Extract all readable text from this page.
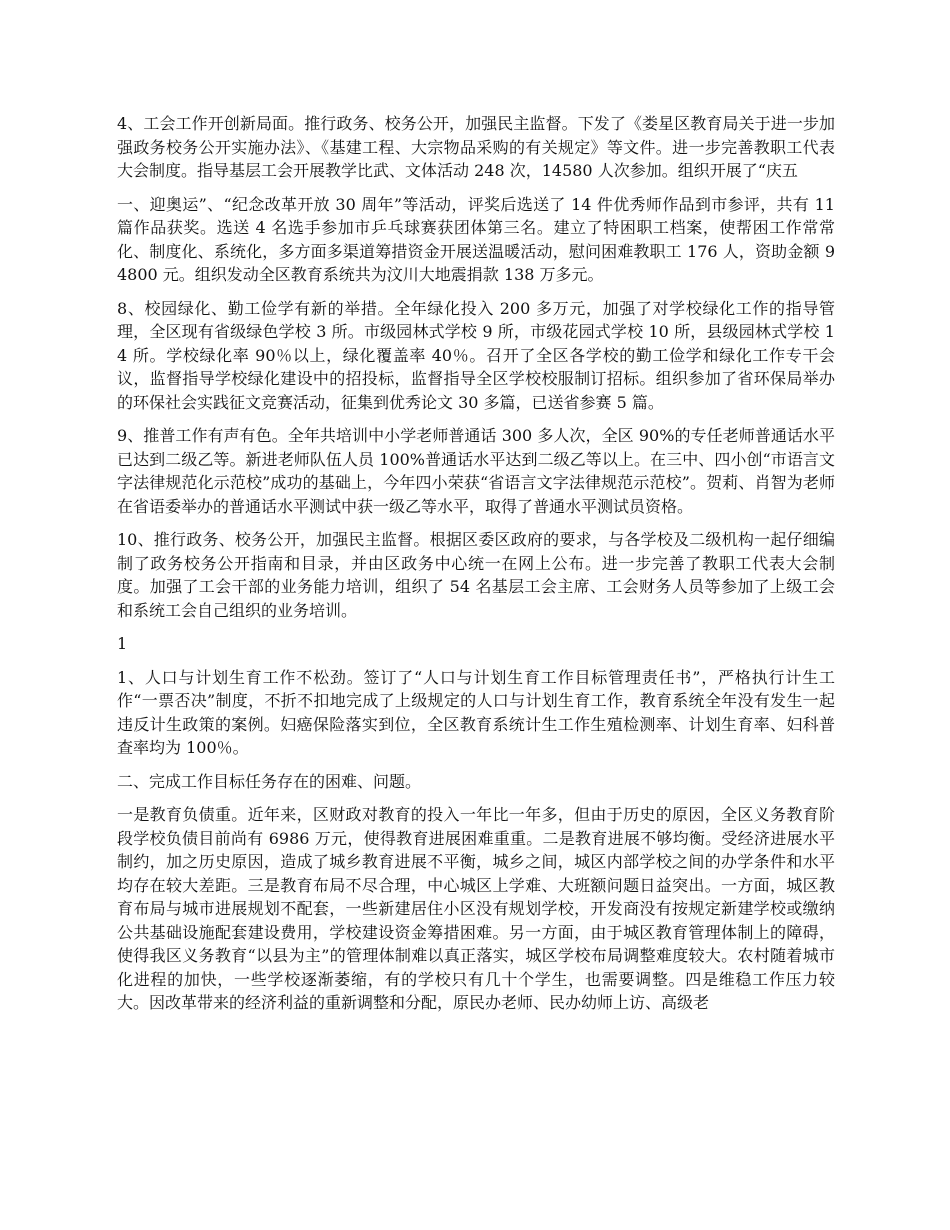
4、工会工作开创新局面。推行政务、校务公开，加强民主监督。下发了《娄星区教育局关于进一步加强政务校务公开实施办法》、《基建工程、大宗物品采购的有关规定》等文件。进一步完善教职工代表大会制度。指导基层工会开展教学比武、文体活动 248 次，14580 人次参加。组织开展了“庆五

一、迎奥运”、“纪念改革开放 30 周年”等活动，评奖后选送了 14 件优秀师作品到市参评，共有 11 篇作品获奖。选送 4 名选手参加市乒乓球赛获团体第三名。建立了特困职工档案，使帮困工作常常化、制度化、系统化，多方面多渠道筹措资金开展送温暖活动，慰问困难教职工 176 人，资助金额 94800 元。组织发动全区教育系统共为汶川大地震捐款 138 万多元。

8、校园绿化、勤工俭学有新的举措。全年绿化投入 200 多万元，加强了对学校绿化工作的指导管理，全区现有省级绿色学校 3 所。市级园林式学校 9 所，市级花园式学校 10 所，县级园林式学校 14 所。学校绿化率 90％以上，绿化覆盖率 40％。召开了全区各学校的勤工俭学和绿化工作专干会议，监督指导学校绿化建设中的招投标，监督指导全区学校校服制订招标。组织参加了省环保局举办的环保社会实践征文竞赛活动，征集到优秀论文 30 多篇，已送省参赛 5 篇。

9、推普工作有声有色。全年共培训中小学老师普通话 300 多人次，全区 90%的专任老师普通话水平已达到二级乙等。新进老师队伍人员 100%普通话水平达到二级乙等以上。在三中、四小创“市语言文字法律规范化示范校”成功的基础上，今年四小荣获“省语言文字法律规范示范校”。贺莉、肖智为老师在省语委举办的普通话水平测试中获一级乙等水平，取得了普通水平测试员资格。

10、推行政务、校务公开，加强民主监督。根据区委区政府的要求，与各学校及二级机构一起仔细编制了政务校务公开指南和目录，并由区政务中心统一在网上公布。进一步完善了教职工代表大会制度。加强了工会干部的业务能力培训，组织了 54 名基层工会主席、工会财务人员等参加了上级工会和系统工会自己组织的业务培训。

1

1、人口与计划生育工作不松劲。签订了“人口与计划生育工作目标管理责任书”，严格执行计生工作“一票否决”制度，不折不扣地完成了上级规定的人口与计划生育工作，教育系统全年没有发生一起违反计生政策的案例。妇癌保险落实到位，全区教育系统计生工作生殖检测率、计划生育率、妇科普查率均为 100％。

二、完成工作目标任务存在的困难、问题。

一是教育负债重。近年来，区财政对教育的投入一年比一年多，但由于历史的原因，全区义务教育阶段学校负债目前尚有 6986 万元，使得教育进展困难重重。二是教育进展不够均衡。受经济进展水平制约，加之历史原因，造成了城乡教育进展不平衡，城乡之间，城区内部学校之间的办学条件和水平均存在较大差距。三是教育布局不尽合理，中心城区上学难、大班额问题日益突出。一方面，城区教育布局与城市进展规划不配套，一些新建居住小区没有规划学校，开发商没有按规定新建学校或缴纳公共基础设施配套建设费用，学校建设资金筹措困难。另一方面，由于城区教育管理体制上的障碍，使得我区义务教育“以县为主”的管理体制难以真正落实，城区学校布局调整难度较大。农村随着城市化进程的加快，一些学校逐渐萎缩，有的学校只有几十个学生，也需要调整。四是维稳工作压力较大。因改革带来的经济利益的重新调整和分配，原民办老师、民办幼师上访、高级老
